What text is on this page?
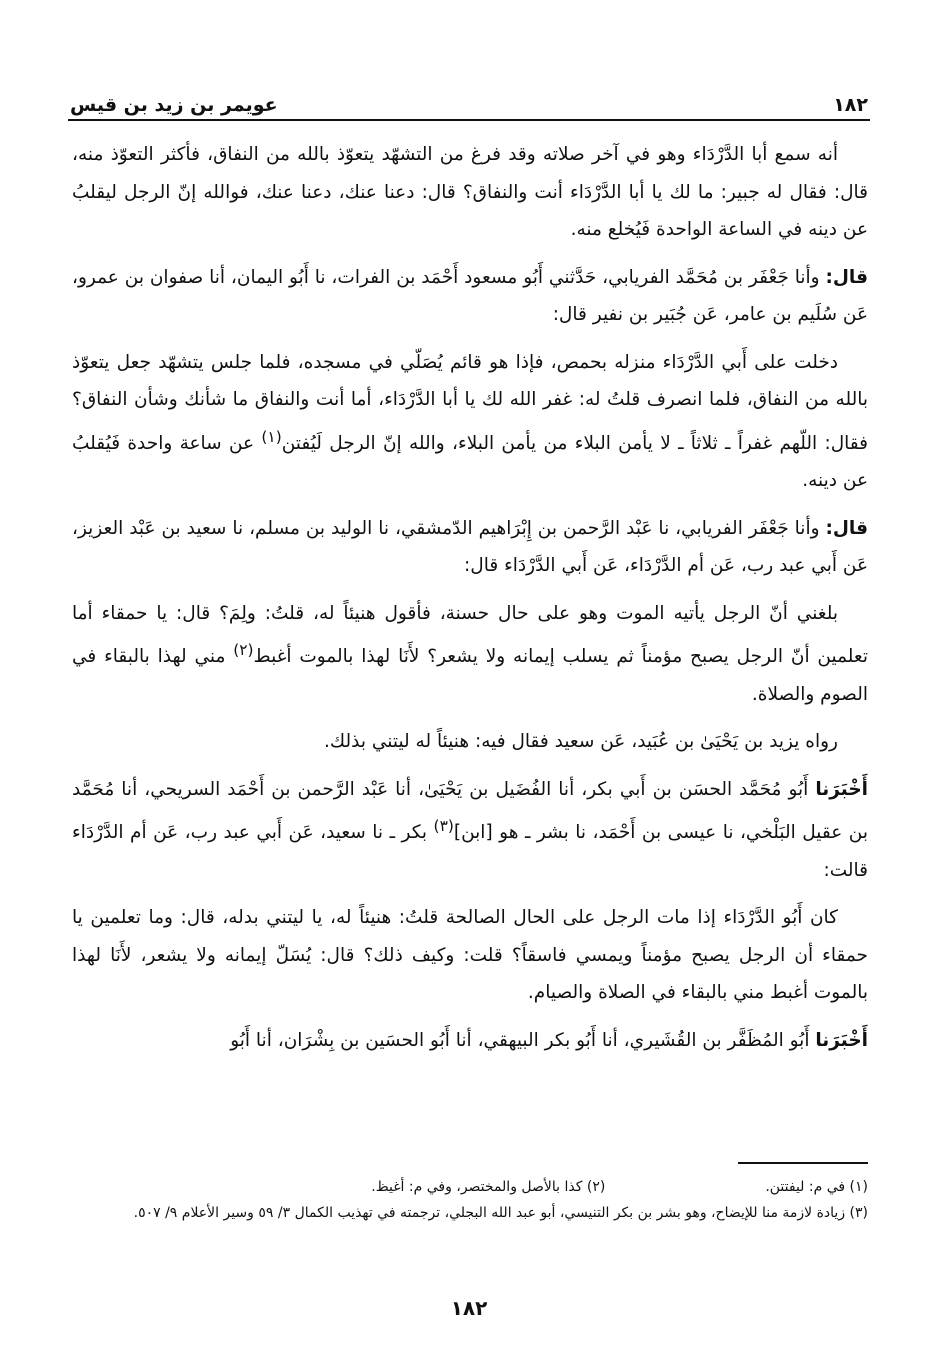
١٨٢
عويمر بن زيد بن قيس

أنه سمع أبا الدَّرْدَاء وهو في آخر صلاته وقد فرغ من التشهّد يتعوّذ بالله من النفاق، فأكثر التعوّذ منه، قال: فقال له جبير: ما لك يا أبا الدَّرْدَاء أنت والنفاق؟ قال: دعنا عنك، دعنا عنك، فوالله إنّ الرجل ليقلبُ عن دينه في الساعة الواحدة فَيُخلع منه.

قال: وأنا جَعْفَر بن مُحَمَّد الفريابي، حَدَّثني أَبُو مسعود أَحْمَد بن الفرات، نا أَبُو اليمان، أنا صفوان بن عمرو، عَن سُلَيم بن عامر، عَن جُبَير بن نفير قال:

دخلت على أَبي الدَّرْدَاء منزله بحمص، فإذا هو قائم يُصَلّي في مسجده، فلما جلس يتشهّد جعل يتعوّذ بالله من النفاق، فلما انصرف قلتُ له: غفر الله لك يا أبا الدَّرْدَاء، أما أنت والنفاق ما شأنك وشأن النفاق؟ فقال: اللّهم غفراً ـ ثلاثاً ـ لا يأمن البلاء من يأمن البلاء، والله إنّ الرجل لَيُفتن$^{(١)}$ عن ساعة واحدة فَيُقلبُ عن دينه.

قال: وأنا جَعْفَر الفريابي، نا عَبْد الرَّحمن بن إِبْرَاهيم الدّمشقي، نا الوليد بن مسلم، نا سعيد بن عَبْد العزيز، عَن أَبي عبد رب، عَن أم الدَّرْدَاء، عَن أَبي الدَّرْدَاء قال:

بلغني أنّ الرجل يأتيه الموت وهو على حال حسنة، فأقول هنيئاً له، قلتُ: ولِمَ؟ قال: يا حمقاء أما تعلمين أنّ الرجل يصبح مؤمناً ثم يسلب إيمانه ولا يشعر؟ لأَنَا لهذا بالموت أغبط$^{(٢)}$ مني لهذا بالبقاء في الصوم والصلاة.

رواه يزيد بن يَحْيَىٰ بن عُبَيد، عَن سعيد فقال فيه: هنيئاً له ليتني بذلك.

أَخْبَرَنا أَبُو مُحَمَّد الحسَن بن أَبي بكر، أنا الفُضَيل بن يَحْيَىٰ، أنا عَبْد الرَّحمن بن أَحْمَد السريحي، أنا مُحَمَّد بن عقيل البَلْخي، نا عيسى بن أَحْمَد، نا بشر ـ هو [ابن]$^{(٣)}$ بكر ـ نا سعيد، عَن أَبي عبد رب، عَن أم الدَّرْدَاء قالت:

كان أَبُو الدَّرْدَاء إذا مات الرجل على الحال الصالحة قلتُ: هنيئاً له، يا ليتني بدله، قال: وما تعلمين يا حمقاء أن الرجل يصبح مؤمناً ويمسي فاسقاً؟ قلت: وكيف ذلك؟ قال: يُسَلّ إيمانه ولا يشعر، لأَنَا لهذا بالموت أغبط مني بالبقاء في الصلاة والصيام.

أَخْبَرَنا أَبُو المُظَفَّر بن القُشَيري، أنا أَبُو بكر البيهقي، أنا أَبُو الحسَين بن بِشْرَان، أنا أَبُو

(١) في م: ليفتتن.
(٢) كذا بالأصل والمختصر، وفي م: أغيظ.
(٣) زيادة لازمة منا للإيضاح، وهو بشر بن بكر التنيسي، أبو عبد الله البجلي، ترجمته في تهذيب الكمال ٣/ ٥٩ وسير الأعلام ٩/ ٥٠٧.
١٨٢
